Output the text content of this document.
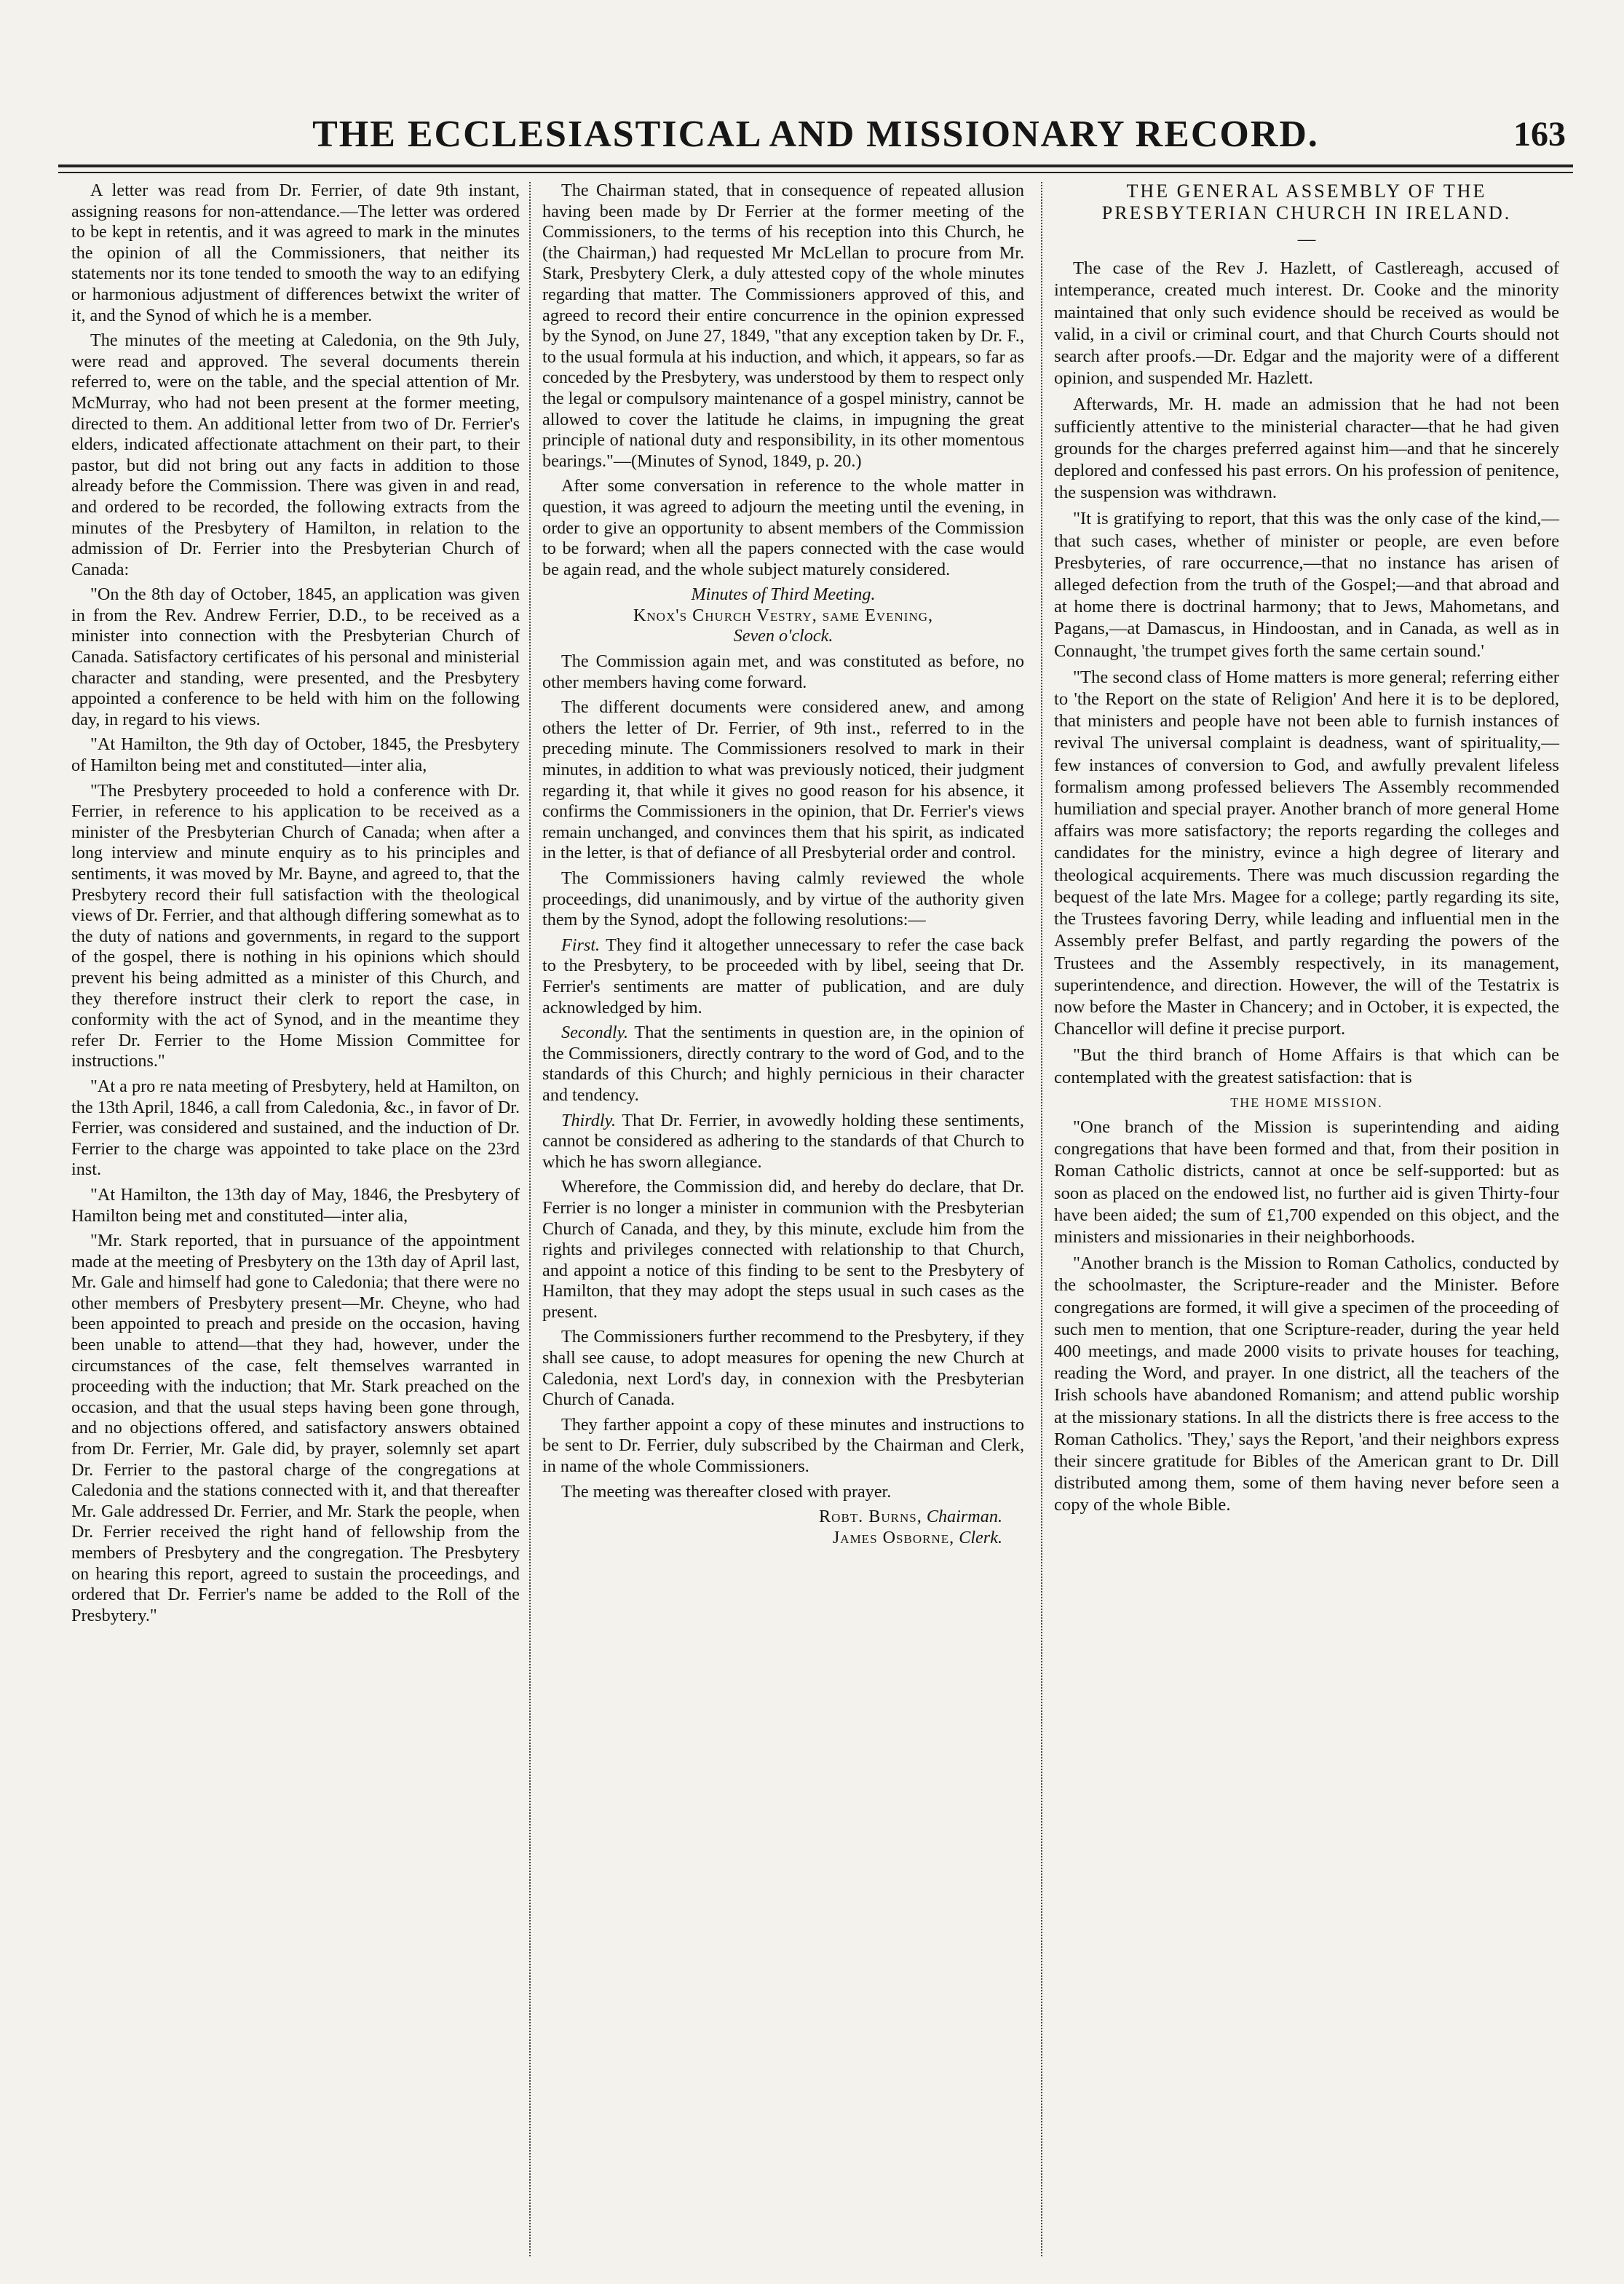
THE ECCLESIASTICAL AND MISSIONARY RECORD.	163

A letter was read from Dr. Ferrier, of date 9th instant, assigning reasons for non-attendance.—The letter was ordered to be kept in retentis, and it was agreed to mark in the minutes the opinion of all the Commissioners, that neither its statements nor its tone tended to smooth the way to an edifying or harmonious adjustment of differences betwixt the writer of it, and the Synod of which he is a member.

The minutes of the meeting at Caledonia, on the 9th July, were read and approved. The several documents therein referred to, were on the table, and the special attention of Mr. McMurray, who had not been present at the former meeting, directed to them. An additional letter from two of Dr. Ferrier's elders, indicated affectionate attachment on their part, to their pastor, but did not bring out any facts in addition to those already before the Commission. There was given in and read, and ordered to be recorded, the following extracts from the minutes of the Presbytery of Hamilton, in relation to the admission of Dr. Ferrier into the Presbyterian Church of Canada:

"On the 8th day of October, 1845, an application was given in from the Rev. Andrew Ferrier, D.D., to be received as a minister into connection with the Presbyterian Church of Canada. Satisfactory certificates of his personal and ministerial character and standing, were presented, and the Presbytery appointed a conference to be held with him on the following day, in regard to his views.

"At Hamilton, the 9th day of October, 1845, the Presbytery of Hamilton being met and constituted—inter alia,

"The Presbytery proceeded to hold a conference with Dr. Ferrier, in reference to his application to be received as a minister of the Presbyterian Church of Canada; when after a long interview and minute enquiry as to his principles and sentiments, it was moved by Mr. Bayne, and agreed to, that the Presbytery record their full satisfaction with the theological views of Dr. Ferrier, and that although differing somewhat as to the duty of nations and governments, in regard to the support of the gospel, there is nothing in his opinions which should prevent his being admitted as a minister of this Church, and they therefore instruct their clerk to report the case, in conformity with the act of Synod, and in the meantime they refer Dr. Ferrier to the Home Mission Committee for instructions."

"At a pro re nata meeting of Presbytery, held at Hamilton, on the 13th April, 1846, a call from Caledonia, &c., in favor of Dr. Ferrier, was considered and sustained, and the induction of Dr. Ferrier to the charge was appointed to take place on the 23rd inst.

"At Hamilton, the 13th day of May, 1846, the Presbytery of Hamilton being met and constituted—inter alia,

"Mr. Stark reported, that in pursuance of the appointment made at the meeting of Presbytery on the 13th day of April last, Mr. Gale and himself had gone to Caledonia; that there were no other members of Presbytery present—Mr. Cheyne, who had been appointed to preach and preside on the occasion, having been unable to attend—that they had, however, under the circumstances of the case, felt themselves warranted in proceeding with the induction; that Mr. Stark preached on the occasion, and that the usual steps having been gone through, and no objections offered, and satisfactory answers obtained from Dr. Ferrier, Mr. Gale did, by prayer, solemnly set apart Dr. Ferrier to the pastoral charge of the congregations at Caledonia and the stations connected with it, and that thereafter Mr. Gale addressed Dr. Ferrier, and Mr. Stark the people, when Dr. Ferrier received the right hand of fellowship from the members of Presbytery and the congregation. The Presbytery on hearing this report, agreed to sustain the proceedings, and ordered that Dr. Ferrier's name be added to the Roll of the Presbytery."

The Chairman stated, that in consequence of repeated allusion having been made by Dr Ferrier at the former meeting of the Commissioners, to the terms of his reception into this Church, he (the Chairman,) had requested Mr McLellan to procure from Mr. Stark, Presbytery Clerk, a duly attested copy of the whole minutes regarding that matter. The Commissioners approved of this, and agreed to record their entire concurrence in the opinion expressed by the Synod, on June 27, 1849, "that any exception taken by Dr. F., to the usual formula at his induction, and which, it appears, so far as conceded by the Presbytery, was understood by them to respect only the legal or compulsory maintenance of a gospel ministry, cannot be allowed to cover the latitude he claims, in impugning the great principle of national duty and responsibility, in its other momentous bearings."—(Minutes of Synod, 1849, p. 20.)

After some conversation in reference to the whole matter in question, it was agreed to adjourn the meeting until the evening, in order to give an opportunity to absent members of the Commission to be forward; when all the papers connected with the case would be again read, and the whole subject maturely considered.

Minutes of Third Meeting.

Knox's Church Vestry, same Evening,

Seven o'clock.

The Commission again met, and was constituted as before, no other members having come forward.

The different documents were considered anew, and among others the letter of Dr. Ferrier, of 9th inst., referred to in the preceding minute. The Commissioners resolved to mark in their minutes, in addition to what was previously noticed, their judgment regarding it, that while it gives no good reason for his absence, it confirms the Commissioners in the opinion, that Dr. Ferrier's views remain unchanged, and convinces them that his spirit, as indicated in the letter, is that of defiance of all Presbyterial order and control.

The Commissioners having calmly reviewed the whole proceedings, did unanimously, and by virtue of the authority given them by the Synod, adopt the following resolutions:—

First. They find it altogether unnecessary to refer the case back to the Presbytery, to be proceeded with by libel, seeing that Dr. Ferrier's sentiments are matter of publication, and are duly acknowledged by him.

Secondly. That the sentiments in question are, in the opinion of the Commissioners, directly contrary to the word of God, and to the standards of this Church; and highly pernicious in their character and tendency.

Thirdly. That Dr. Ferrier, in avowedly holding these sentiments, cannot be considered as adhering to the standards of that Church to which he has sworn allegiance.

Wherefore, the Commission did, and hereby do declare, that Dr. Ferrier is no longer a minister in communion with the Presbyterian Church of Canada, and they, by this minute, exclude him from the rights and privileges connected with relationship to that Church, and appoint a notice of this finding to be sent to the Presbytery of Hamilton, that they may adopt the steps usual in such cases as the present.

The Commissioners further recommend to the Presbytery, if they shall see cause, to adopt measures for opening the new Church at Caledonia, next Lord's day, in connexion with the Presbyterian Church of Canada.

They farther appoint a copy of these minutes and instructions to be sent to Dr. Ferrier, duly subscribed by the Chairman and Clerk, in name of the whole Commissioners.

The meeting was thereafter closed with prayer.

Robt. Burns, Chairman.

James Osborne, Clerk.

THE GENERAL ASSEMBLY OF THE PRESBYTERIAN CHURCH IN IRELAND.

—

The case of the Rev J. Hazlett, of Castlereagh, accused of intemperance, created much interest. Dr. Cooke and the minority maintained that only such evidence should be received as would be valid, in a civil or criminal court, and that Church Courts should not search after proofs.—Dr. Edgar and the majority were of a different opinion, and suspended Mr. Hazlett.

Afterwards, Mr. H. made an admission that he had not been sufficiently attentive to the ministerial character—that he had given grounds for the charges preferred against him—and that he sincerely deplored and confessed his past errors. On his profession of penitence, the suspension was withdrawn.

"It is gratifying to report, that this was the only case of the kind,—that such cases, whether of minister or people, are even before Presbyteries, of rare occurrence,—that no instance has arisen of alleged defection from the truth of the Gospel;—and that abroad and at home there is doctrinal harmony; that to Jews, Mahometans, and Pagans,—at Damascus, in Hindoostan, and in Canada, as well as in Connaught, 'the trumpet gives forth the same certain sound.'

"The second class of Home matters is more general; referring either to 'the Report on the state of Religion' And here it is to be deplored, that ministers and people have not been able to furnish instances of revival The universal complaint is deadness, want of spirituality,—few instances of conversion to God, and awfully prevalent lifeless formalism among professed believers The Assembly recommended humiliation and special prayer. Another branch of more general Home affairs was more satisfactory; the reports regarding the colleges and candidates for the ministry, evince a high degree of literary and theological acquirements. There was much discussion regarding the bequest of the late Mrs. Magee for a college; partly regarding its site, the Trustees favoring Derry, while leading and influential men in the Assembly prefer Belfast, and partly regarding the powers of the Trustees and the Assembly respectively, in its management, superintendence, and direction. However, the will of the Testatrix is now before the Master in Chancery; and in October, it is expected, the Chancellor will define it precise purport.

"But the third branch of Home Affairs is that which can be contemplated with the greatest satisfaction: that is

THE HOME MISSION.

"One branch of the Mission is superintending and aiding congregations that have been formed and that, from their position in Roman Catholic districts, cannot at once be self-supported: but as soon as placed on the endowed list, no further aid is given Thirty-four have been aided; the sum of £1,700 expended on this object, and the ministers and missionaries in their neighborhoods.

"Another branch is the Mission to Roman Catholics, conducted by the schoolmaster, the Scripture-reader and the Minister. Before congregations are formed, it will give a specimen of the proceeding of such men to mention, that one Scripture-reader, during the year held 400 meetings, and made 2000 visits to private houses for teaching, reading the Word, and prayer. In one district, all the teachers of the Irish schools have abandoned Romanism; and attend public worship at the missionary stations. In all the districts there is free access to the Roman Catholics. 'They,' says the Report, 'and their neighbors express their sincere gratitude for Bibles of the American grant to Dr. Dill distributed among them, some of them having never before seen a copy of the whole Bible.
